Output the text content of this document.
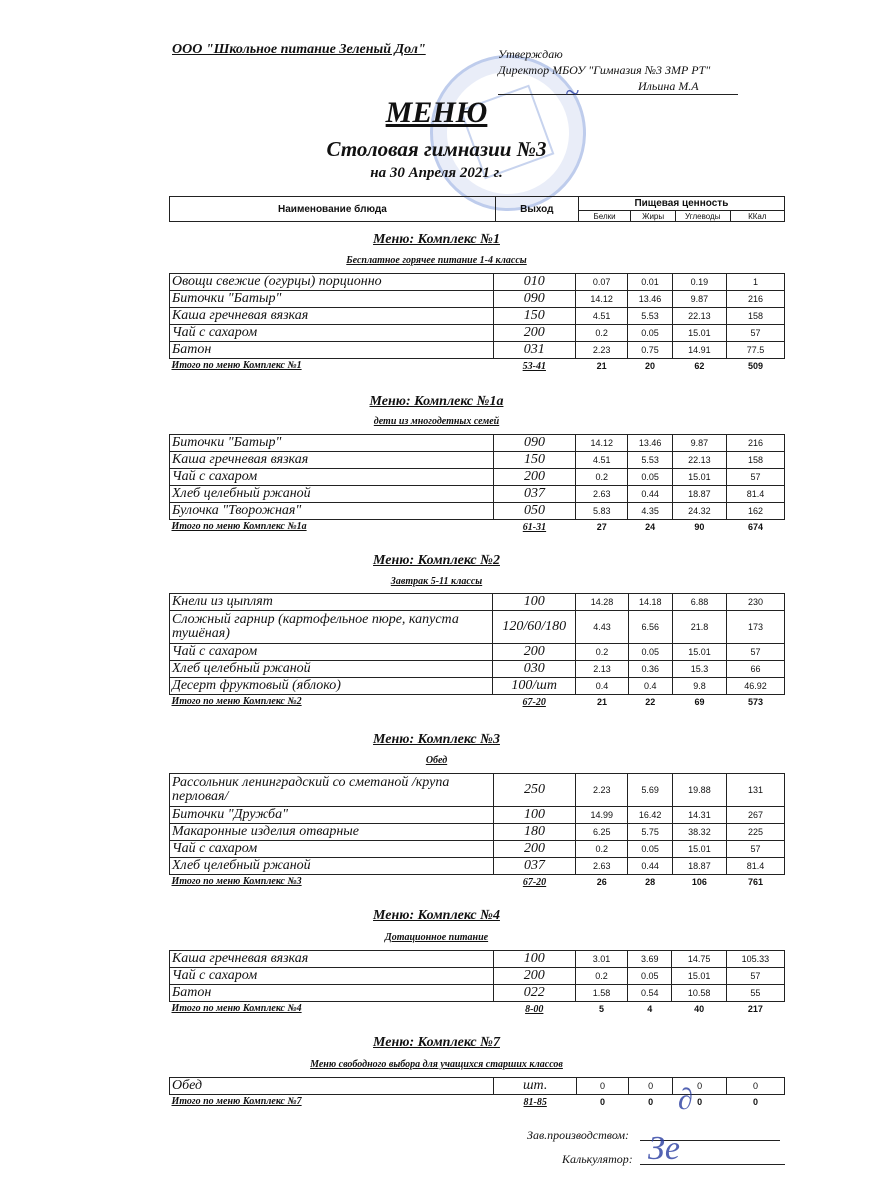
ООО "Школьное питание Зеленый Дол"	Утверждаю
Директор МБОУ "Гимназия №3 ЗМР РТ"
Ильина М.А
~
МЕНЮ
Столовая гимназии №3
на 30 Апреля 2021 г.
Наименование блюда	Выход	Пищевая ценность			
		Белки	Жиры	Углеводы	ККал
Меню: Комплекс №1
Бесплатное горячее питание 1-4 классы
Овощи свежие (огурцы) порционно	010	0.07	0.01	0.19	1
Биточки "Батыр"	090	14.12	13.46	9.87	216
Каша гречневая вязкая	150	4.51	5.53	22.13	158
Чай с сахаром	200	0.2	0.05	15.01	57
Батон	031	2.23	0.75	14.91	77.5
Итого по меню Комплекс №1	53-41	21	20	62	509
Меню: Комплекс №1а
дети из многодетных семей
Биточки "Батыр"	090	14.12	13.46	9.87	216
Каша гречневая вязкая	150	4.51	5.53	22.13	158
Чай с сахаром	200	0.2	0.05	15.01	57
Хлеб целебный ржаной	037	2.63	0.44	18.87	81.4
Булочка "Творожная"	050	5.83	4.35	24.32	162
Итого по меню Комплекс №1а	61-31	27	24	90	674
Меню: Комплекс №2
Завтрак 5-11 классы
Кнели из цыплят	100	14.28	14.18	6.88	230
Сложный гарнир (картофельное пюре, капуста тушёная)	120/60/180	4.43	6.56	21.8	173
Чай с сахаром	200	0.2	0.05	15.01	57
Хлеб целебный ржаной	030	2.13	0.36	15.3	66
Десерт фруктовый (яблоко)	100/шт	0.4	0.4	9.8	46.92
Итого по меню Комплекс №2	67-20	21	22	69	573
Меню: Комплекс №3
Обед
Рассольник ленинградский со сметаной /крупа перловая/	250	2.23	5.69	19.88	131
Биточки "Дружба"	100	14.99	16.42	14.31	267
Макаронные изделия отварные	180	6.25	5.75	38.32	225
Чай с сахаром	200	0.2	0.05	15.01	57
Хлеб целебный ржаной	037	2.63	0.44	18.87	81.4
Итого по меню Комплекс №3	67-20	26	28	106	761
Меню: Комплекс №4
Дотационное питание
Каша гречневая вязкая	100	3.01	3.69	14.75	105.33
Чай с сахаром	200	0.2	0.05	15.01	57
Батон	022	1.58	0.54	10.58	55
Итого по меню Комплекс №4	8-00	5	4	40	217
Меню: Комплекс №7
Меню свободного выбора для учащихся старших классов
Обед	шт.	0	0	0	0
Итого по меню Комплекс №7	81-85	0	0	0	0
Зав.производством:
Калькулятор: Зе
∂
